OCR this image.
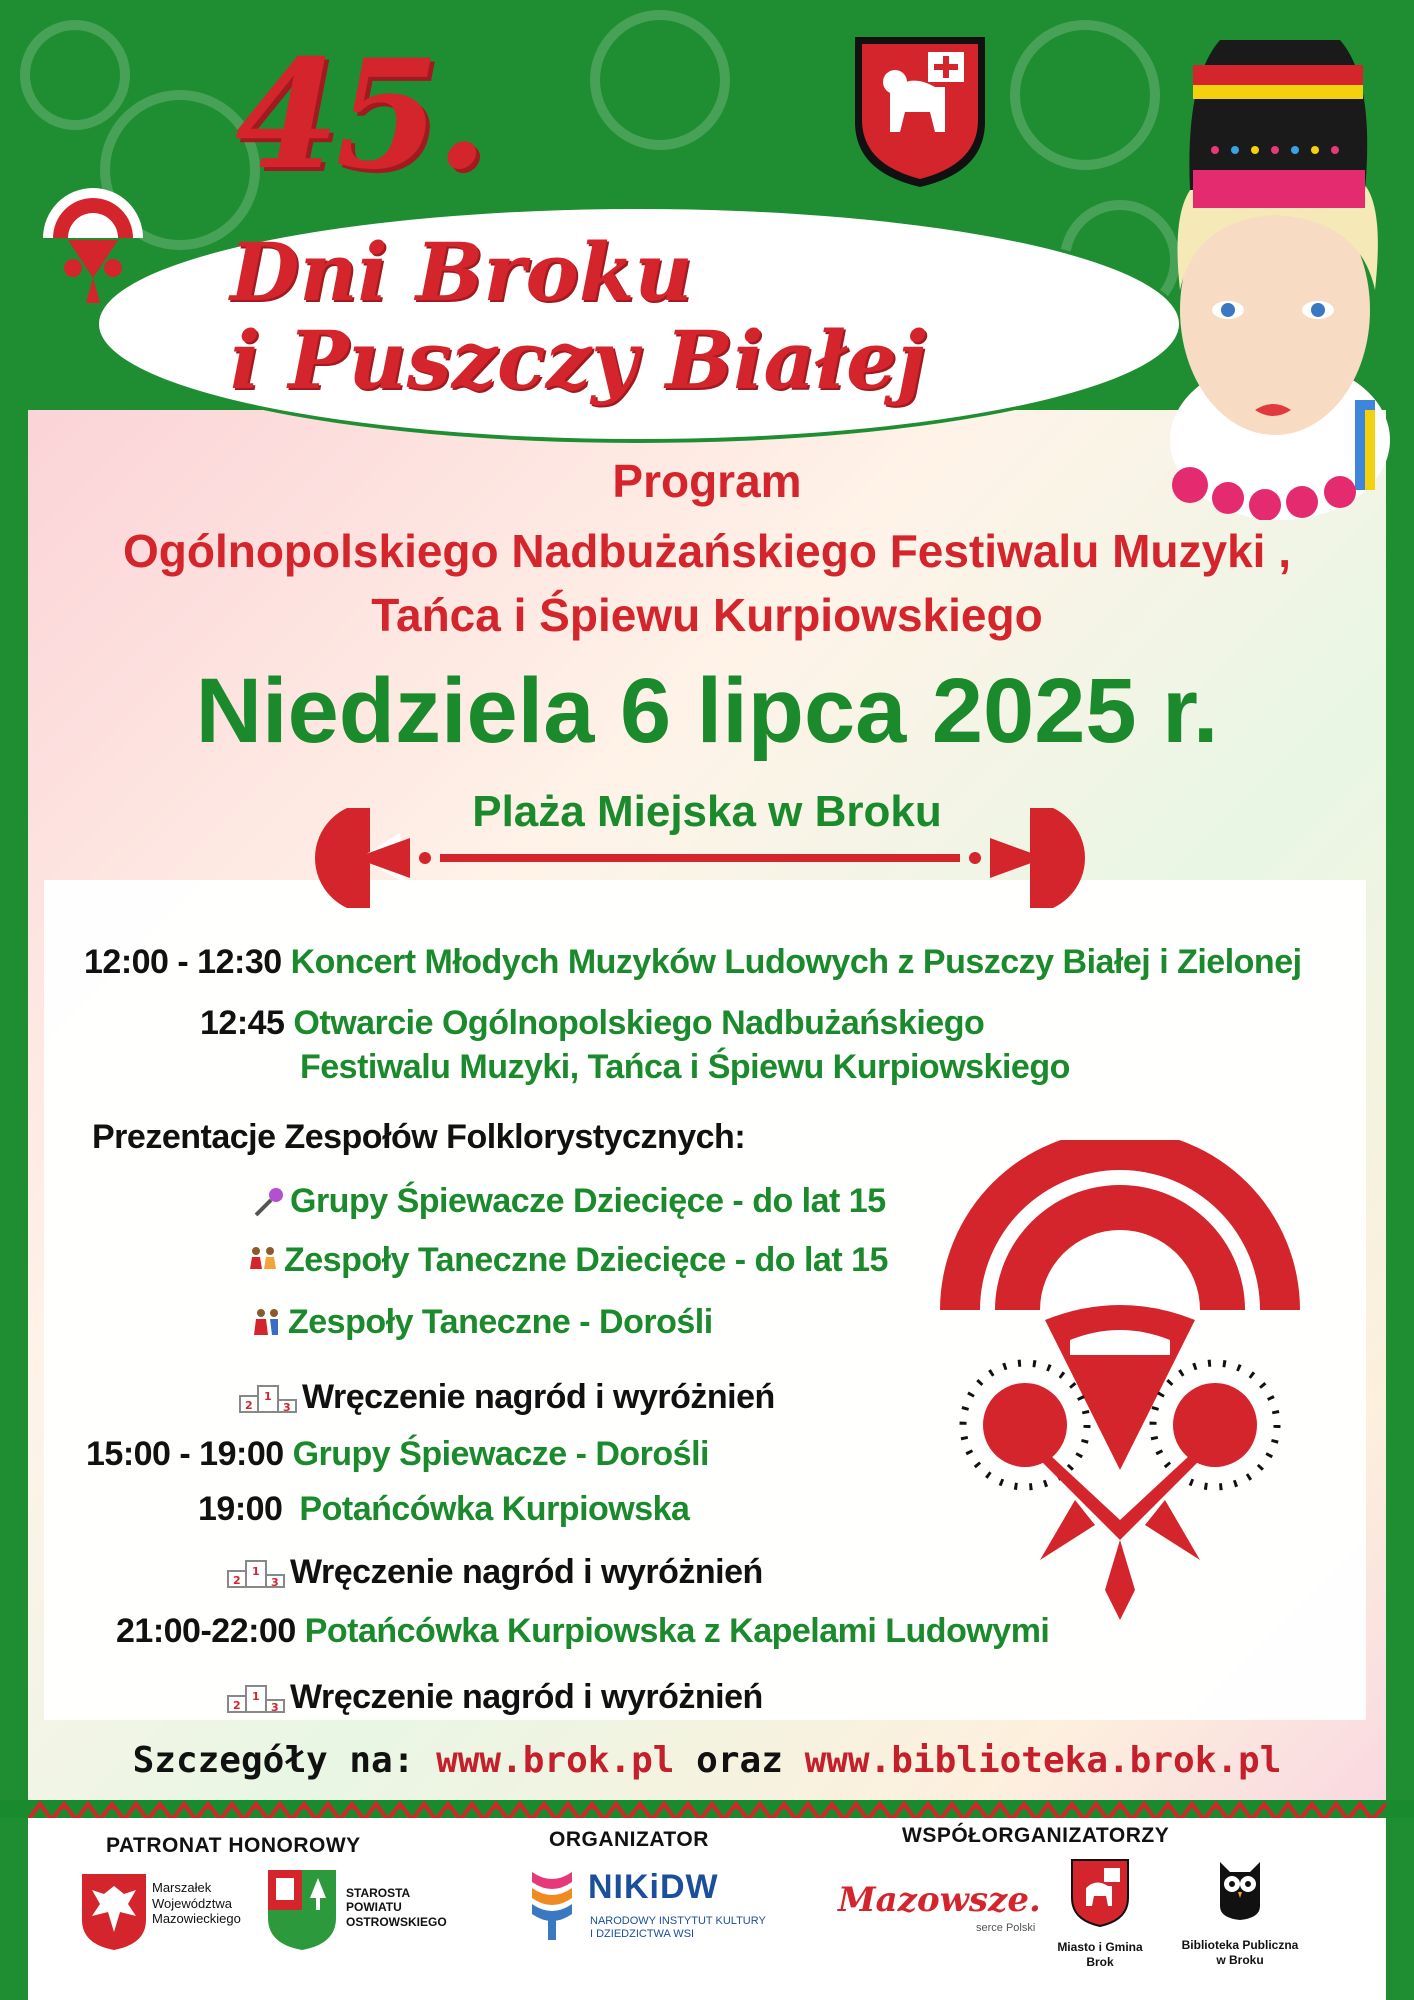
45.
Dni Broku
i Puszczy Białej
Program
Ogólnopolskiego Nadbużańskiego Festiwalu Muzyki ,
Tańca i Śpiewu Kurpiowskiego
Niedziela 6 lipca 2025 r.
Plaża Miejska w Broku
12:00 - 12:30 Koncert Młodych Muzyków Ludowych z Puszczy Białej i Zielonej
12:45 Otwarcie Ogólnopolskiego Nadbużańskiego
Festiwalu Muzyki, Tańca i Śpiewu Kurpiowskiego
Prezentacje Zespołów Folklorystycznych:
Grupy Śpiewacze Dziecięce - do lat 15
Zespoły Taneczne Dziecięce - do lat 15
Zespoły Taneczne - Dorośli
2
1
3 Wręczenie nagród i wyróżnień
15:00 - 19:00 Grupy Śpiewacze - Dorośli
19:00 Potańcówka Kurpiowska
2
1
3 Wręczenie nagród i wyróżnień
21:00-22:00 Potańcówka Kurpiowska z Kapelami Ludowymi
2
1
3 Wręczenie nagród i wyróżnień
Szczegóły na: www.brok.pl oraz www.biblioteka.brok.pl
PATRONAT HONOROWY
Marszałek
Województwa
Mazowieckiego
STAROSTA
POWIATU
OSTROWSKIEGO
ORGANIZATOR
NIKiDW
NARODOWY INSTYTUT KULTURY
I DZIEDZICTWA WSI
WSPÓŁORGANIZATORZY
Mazowsze.
serce Polski
Miasto i Gmina
Brok
Biblioteka Publiczna
w Broku
